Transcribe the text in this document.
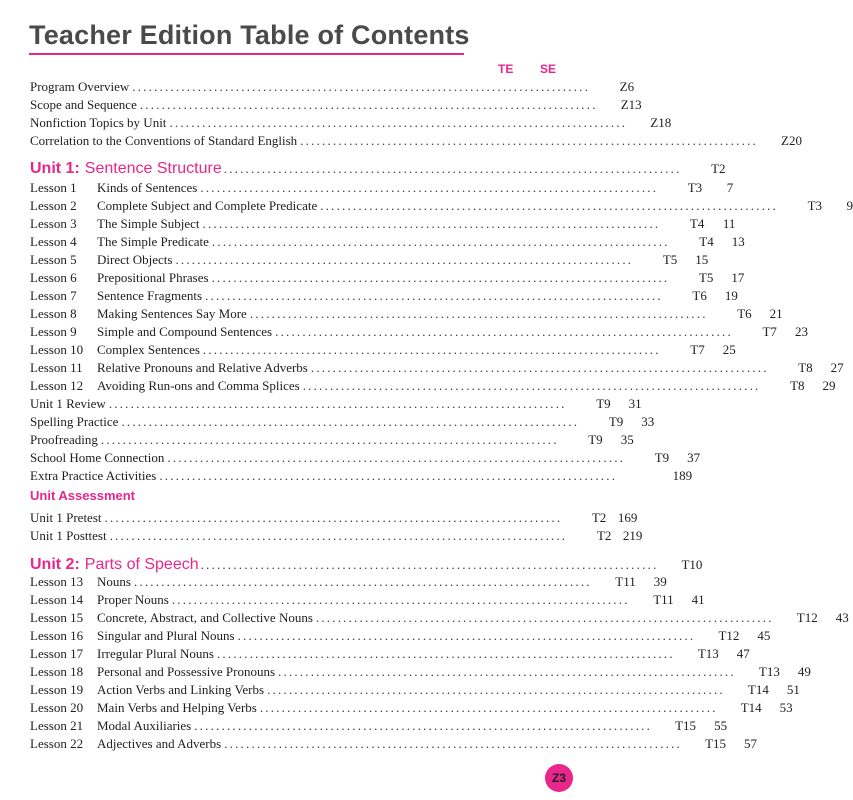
Teacher Edition Table of Contents
TE SE
Program Overview ....................................................................................	Z6
Scope and Sequence ....................................................................................	Z13
Nonfiction Topics by Unit ....................................................................................	Z18
Correlation to the Conventions of Standard English ....................................................................................	Z20
Unit 1: Sentence Structure ....................................................................................	T2
Lesson 1	Kinds of Sentences ....................................................................................	T3	7
Lesson 2	Complete Subject and Complete Predicate ....................................................................................	T3	9
Lesson 3	The Simple Subject ....................................................................................	T4	11
Lesson 4	The Simple Predicate ....................................................................................	T4	13
Lesson 5	Direct Objects ....................................................................................	T5	15
Lesson 6	Prepositional Phrases ....................................................................................	T5	17
Lesson 7	Sentence Fragments ....................................................................................	T6	19
Lesson 8	Making Sentences Say More ....................................................................................	T6	21
Lesson 9	Simple and Compound Sentences ....................................................................................	T7	23
Lesson 10	Complex Sentences ....................................................................................	T7	25
Lesson 11	Relative Pronouns and Relative Adverbs ....................................................................................	T8	27
Lesson 12	Avoiding Run-ons and Comma Splices ....................................................................................	T8	29
Unit 1 Review ....................................................................................	T9	31
Spelling Practice ....................................................................................	T9	33
Proofreading ....................................................................................	T9	35
School Home Connection ....................................................................................	T9	37
Extra Practice Activities ....................................................................................	189
Unit Assessment
Unit 1 Pretest ....................................................................................	T2 169
Unit 1 Posttest ....................................................................................	T2 219
Unit 2: Parts of Speech ....................................................................................	T10
Lesson 13	Nouns ....................................................................................	T11	39
Lesson 14	Proper Nouns ....................................................................................	T11	41
Lesson 15	Concrete, Abstract, and Collective Nouns ....................................................................................	T12	43
Lesson 16	Singular and Plural Nouns ....................................................................................	T12	45
Lesson 17	Irregular Plural Nouns ....................................................................................	T13	47
Lesson 18	Personal and Possessive Pronouns ....................................................................................	T13	49
Lesson 19	Action Verbs and Linking Verbs ....................................................................................	T14	51
Lesson 20	Main Verbs and Helping Verbs ....................................................................................	T14	53
Lesson 21	Modal Auxiliaries ....................................................................................	T15	55
Lesson 22	Adjectives and Adverbs ....................................................................................	T15	57
Z3
